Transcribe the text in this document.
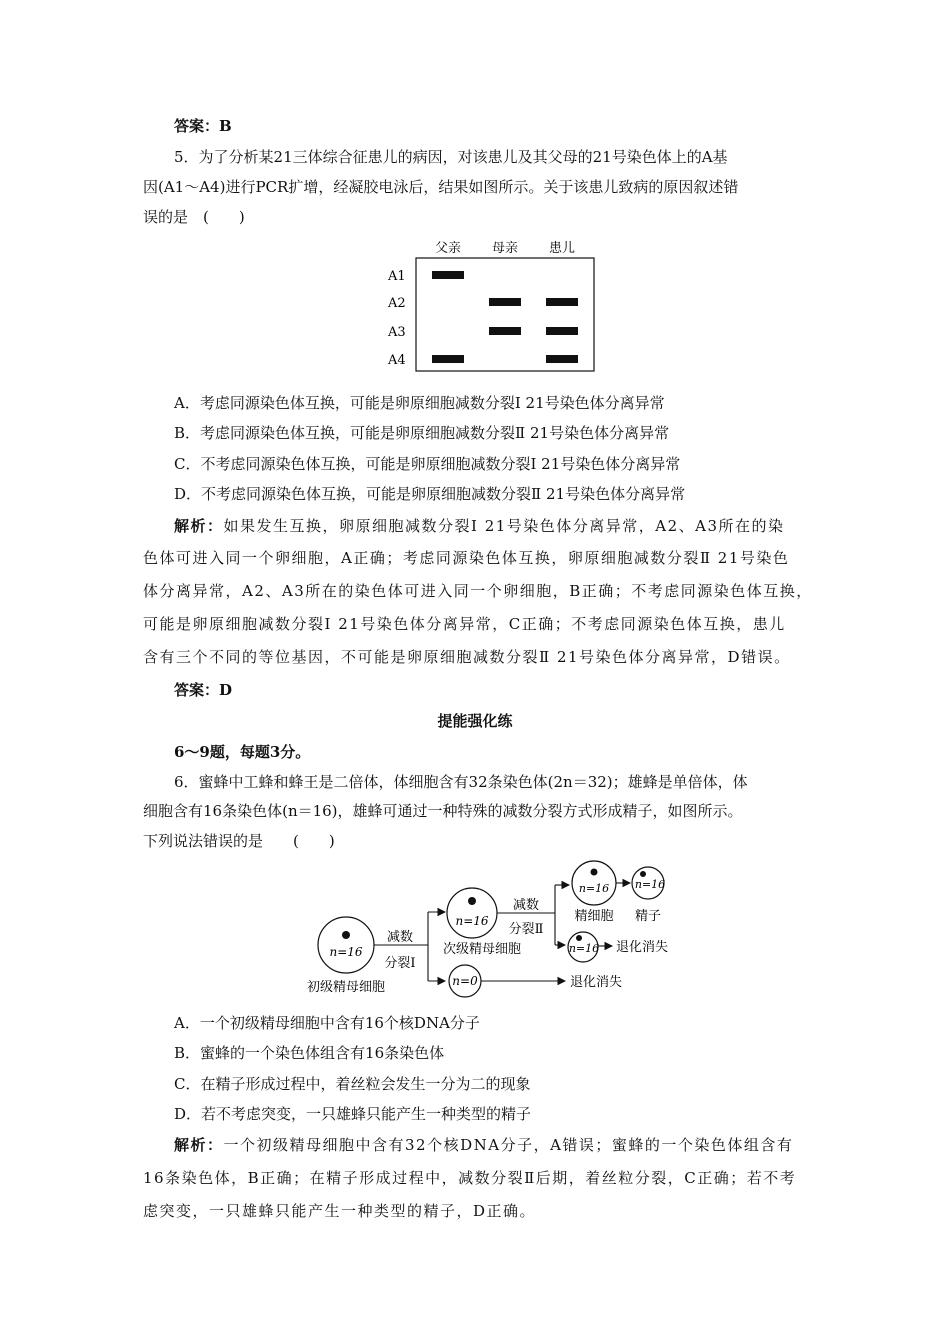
答案：B
5．为了分析某21三体综合征患儿的病因，对该患儿及其父母的21号染色体上的A基
因(A1～A4)进行PCR扩增，经凝胶电泳后，结果如图所示。关于该患儿致病的原因叙述错
误的是　(　　)
父亲 母亲 患儿
A1
A2
A3
A4
A．考虑同源染色体互换，可能是卵原细胞减数分裂Ⅰ 21号染色体分离异常
B．考虑同源染色体互换，可能是卵原细胞减数分裂Ⅱ 21号染色体分离异常
C．不考虑同源染色体互换，可能是卵原细胞减数分裂Ⅰ 21号染色体分离异常
D．不考虑同源染色体互换，可能是卵原细胞减数分裂Ⅱ 21号染色体分离异常
解析：如果发生互换，卵原细胞减数分裂Ⅰ 21号染色体分离异常，A2、A3所在的染
色体可进入同一个卵细胞，A正确；考虑同源染色体互换，卵原细胞减数分裂Ⅱ 21号染色
体分离异常，A2、A3所在的染色体可进入同一个卵细胞，B正确；不考虑同源染色体互换，
可能是卵原细胞减数分裂Ⅰ 21号染色体分离异常，C正确；不考虑同源染色体互换，患儿
含有三个不同的等位基因，不可能是卵原细胞减数分裂Ⅱ 21号染色体分离异常，D错误。
答案：D
提能强化练
6～9题，每题3分。
6．蜜蜂中工蜂和蜂王是二倍体，体细胞含有32条染色体(2n＝32)；雄蜂是单倍体，体
细胞含有16条染色体(n＝16)，雄蜂可通过一种特殊的减数分裂方式形成精子，如图所示。
下列说法错误的是　　(　　)
n=16
初级精母细胞
减数
分裂Ⅰ
n=16
次级精母细胞
n=0	退化消失
减数
分裂Ⅱ
n=16
精细胞
n=16
精子
n=16 退化消失
A．一个初级精母细胞中含有16个核DNA分子
B．蜜蜂的一个染色体组含有16条染色体
C．在精子形成过程中，着丝粒会发生一分为二的现象
D．若不考虑突变，一只雄蜂只能产生一种类型的精子
解析：一个初级精母细胞中含有32个核DNA分子，A错误；蜜蜂的一个染色体组含有
16条染色体，B正确；在精子形成过程中，减数分裂Ⅱ后期，着丝粒分裂，C正确；若不考
虑突变，一只雄蜂只能产生一种类型的精子，D正确。
